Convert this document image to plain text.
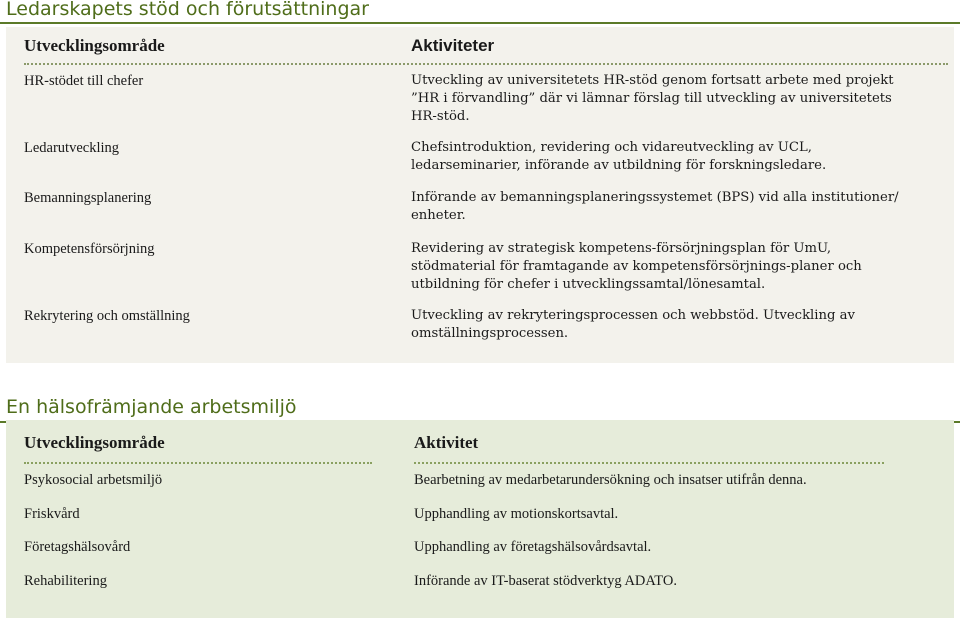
Ledarskapets stöd och förutsättningar
Utvecklingsområde	Aktiviteter
HR-stödet till chefer	Utveckling av universitetets HR-stöd genom fortsatt arbete med projekt ”HR i förvandling” där vi lämnar förslag till utveckling av universitetets HR-stöd.
Ledarutveckling	Chefsintroduktion, revidering och vidareutveckling av UCL, ledarseminarier, införande av utbildning för forskningsledare.
Bemanningsplanering	Införande av bemanningsplaneringssystemet (BPS) vid alla institutioner/ enheter.
Kompetensförsörjning	Revidering av strategisk kompetens-försörjningsplan för UmU, stödmaterial för framtagande av kompetensförsörjnings-planer och utbildning för chefer i utvecklingssamtal/lönesamtal.
Rekrytering och omställning	Utveckling av rekryteringsprocessen och webbstöd. Utveckling av omställningsprocessen.
En hälsofrämjande arbetsmiljö
Utvecklingsområde	Aktivitet
Psykosocial arbetsmiljö	Bearbetning av medarbetarundersökning och insatser utifrån denna.
Friskvård	Upphandling av motionskortsavtal.
Företagshälsovård	Upphandling av företagshälsovårdsavtal.
Rehabilitering	Införande av IT-baserat stödverktyg ADATO.
